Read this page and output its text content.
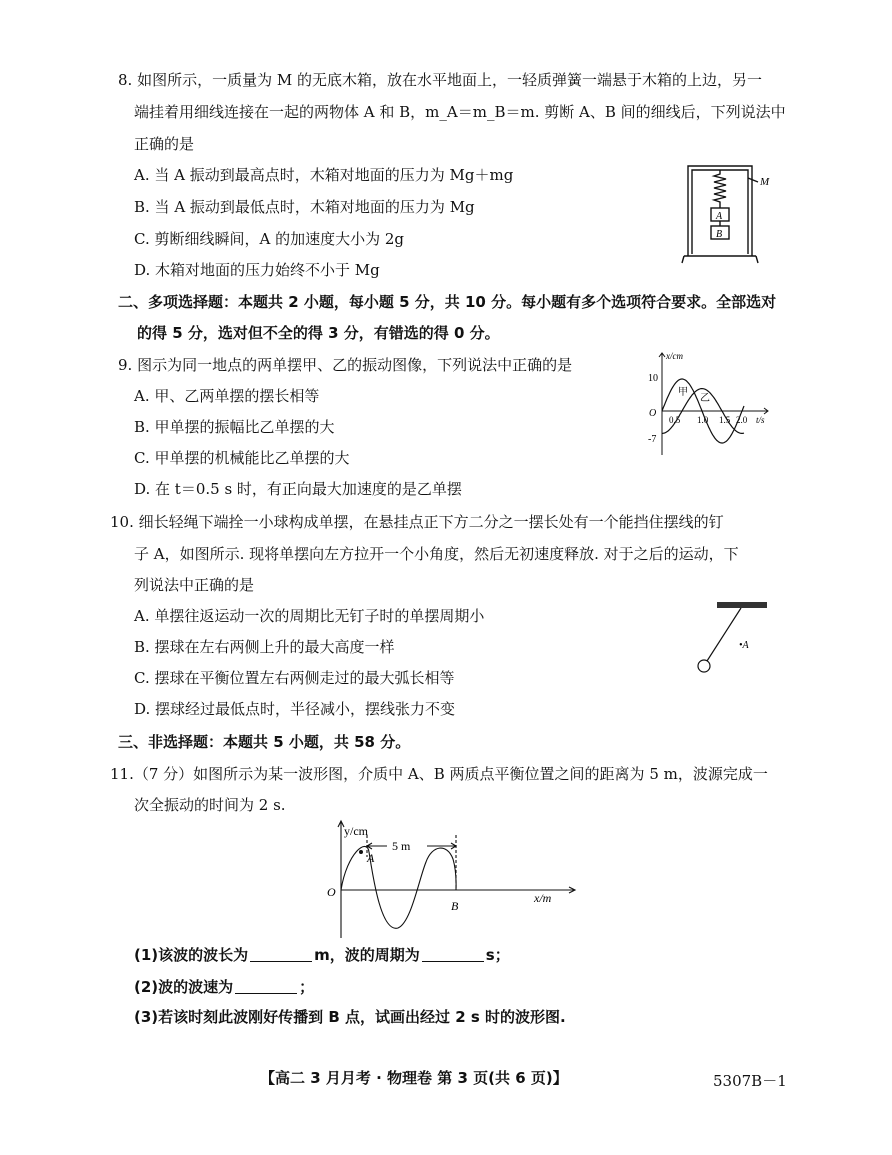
8. 如图所示，一质量为 M 的无底木箱，放在水平地面上，一轻质弹簧一端悬于木箱的上边，另一
端挂着用细线连接在一起的两物体 A 和 B，m_A＝m_B＝m. 剪断 A、B 间的细线后，下列说法中
正确的是
A. 当 A 振动到最高点时，木箱对地面的压力为 Mg＋mg
B. 当 A 振动到最低点时，木箱对地面的压力为 Mg
C. 剪断细线瞬间，A 的加速度大小为 2g
D. 木箱对地面的压力始终不小于 Mg
A
B
M
二、多项选择题：本题共 2 小题，每小题 5 分，共 10 分。每小题有多个选项符合要求。全部选对
的得 5 分，选对但不全的得 3 分，有错选的得 0 分。
9. 图示为同一地点的两单摆甲、乙的振动图像，下列说法中正确的是
A. 甲、乙两单摆的摆长相等
B. 甲单摆的振幅比乙单摆的大
C. 甲单摆的机械能比乙单摆的大
D. 在 t＝0.5 s 时，有正向最大加速度的是乙单摆
x/cm
t/s
O
10
-7
0.5 1.0 1.5 2.0
甲
乙
10. 细长轻绳下端拴一小球构成单摆，在悬挂点正下方二分之一摆长处有一个能挡住摆线的钉
子 A，如图所示. 现将单摆向左方拉开一个小角度，然后无初速度释放. 对于之后的运动，下
列说法中正确的是
A. 单摆往返运动一次的周期比无钉子时的单摆周期小
B. 摆球在左右两侧上升的最大高度一样
C. 摆球在平衡位置左右两侧走过的最大弧长相等
D. 摆球经过最低点时，半径减小，摆线张力不变
•A
三、非选择题：本题共 5 小题，共 58 分。
11.（7 分）如图所示为某一波形图，介质中 A、B 两质点平衡位置之间的距离为 5 m，波源完成一
次全振动的时间为 2 s.
y/cm
x/m
O
A
B
5 m
(1)该波的波长为	m，波的周期为	s；
(2)波的波速为	；
(3)若该时刻此波刚好传播到 B 点，试画出经过 2 s 时的波形图.
【高二 3 月月考 · 物理卷 第 3 页(共 6 页)】	5307B－1
